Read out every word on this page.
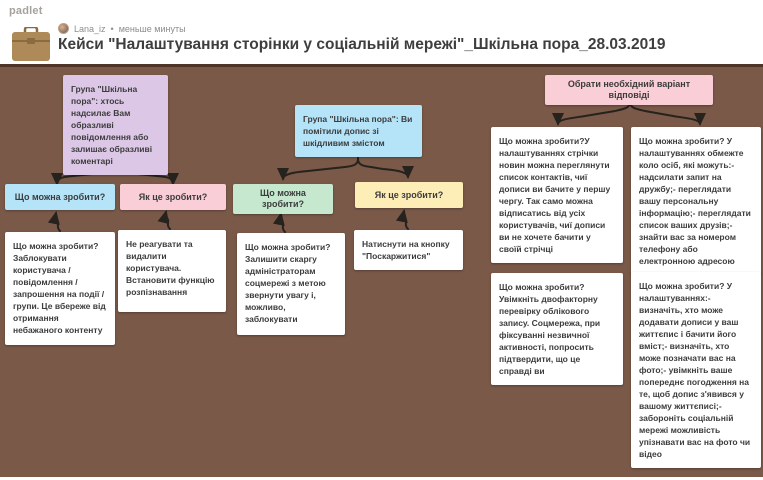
padlet
Lana_iz • меньше минуты
Кейси "Налаштування сторінки у соціальній мережі"_Шкільна пора_28.03.2019
Група "Шкільна пора": хтось надсилає Вам образливі повідомлення або залишає образливі коментарі
Що можна зробити?	Як це зробити?
Що можна зробити? Заблокувати користувача / повідомлення / запрошення на події / групи. Це вбереже від отримання небажаного контенту
Не реагувати та видалити користувача. Встановити функцію розпізнавання
Група "Шкільна пора": Ви помітили допис зі шкідливим змістом
Що можна зробити?
Як це зробити?
Що можна зробити? Залишити скаргу адміністраторам соцмережі з метою звернути увагу і, можливо, заблокувати
Натиснути на кнопку "Поскаржитися"
Обрати необхідний варіант відповіді
Що можна зробити?У налаштуваннях стрічки новин можна переглянути список контактів, чиї дописи ви бачите у першу чергу. Так само можна відписатись від усіх користувачів, чиї дописи ви не хочете бачити у своїй стрічці
Що можна зробити? У налаштуваннях обмежте коло осіб, які можуть:- надсилати запит на дружбу;- переглядати вашу персональну інформацію;- переглядати список ваших друзів;- знайти вас за номером телефону або електронною адресою
Що можна зробити? Увімкніть двофакторну перевірку облікового запису. Соцмережа, при фіксуванні незвичної активності, попросить підтвердити, що це справді ви
Що можна зробити? У налаштуваннях:- визначіть, хто може додавати дописи у ваш життєпис і бачити його вміст;- визначіть, хто може позначати вас на фото;- увімкніть ваше попереднє погодження на те, щоб допис з'явився у вашому життєписі;- забороніть соціальній мережі можливість упізнавати вас на фото чи відео
